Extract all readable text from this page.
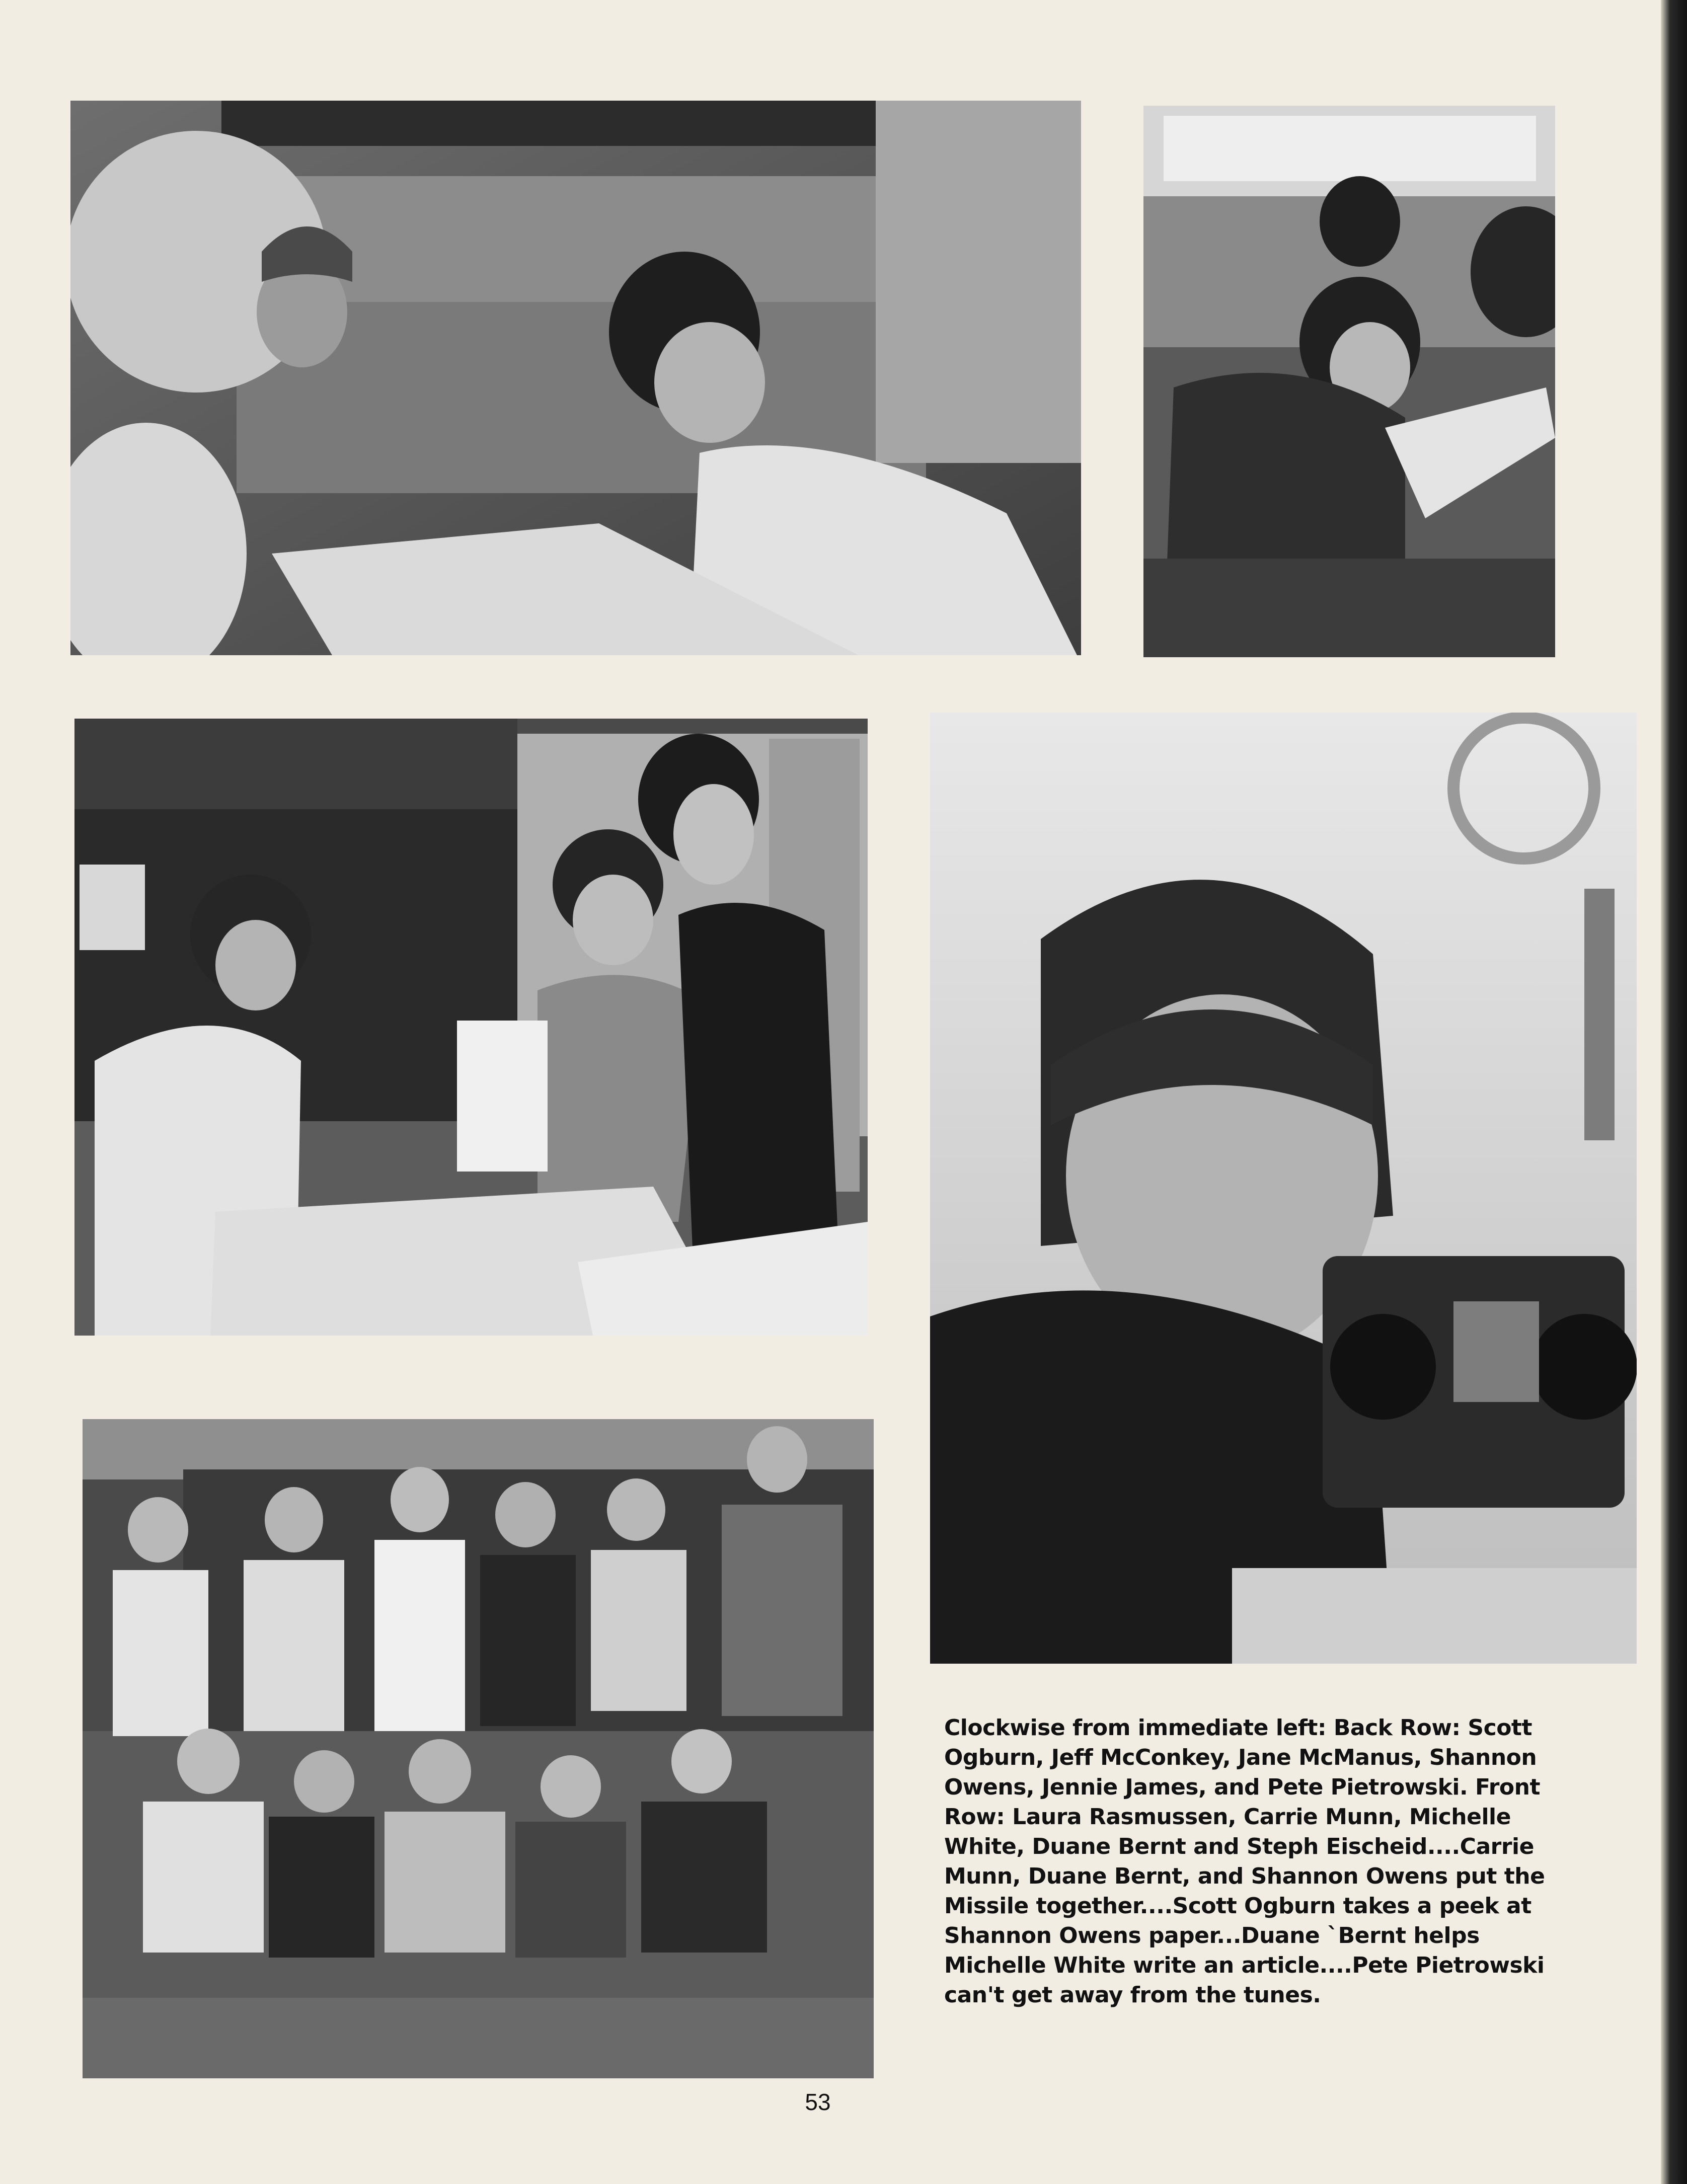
Clockwise from immediate left: Back Row: Scott Ogburn, Jeff McConkey, Jane McManus, Shannon Owens, Jennie James, and Pete Pietrowski. Front Row: Laura Rasmussen, Carrie Munn, Michelle White, Duane Bernt and Steph Eischeid....Carrie Munn, Duane Bernt, and Shannon Owens put the Missile together....Scott Ogburn takes a peek at Shannon Owens paper...Duane `Bernt helps Michelle White write an article....Pete Pietrowski can't get away from the tunes.

53
